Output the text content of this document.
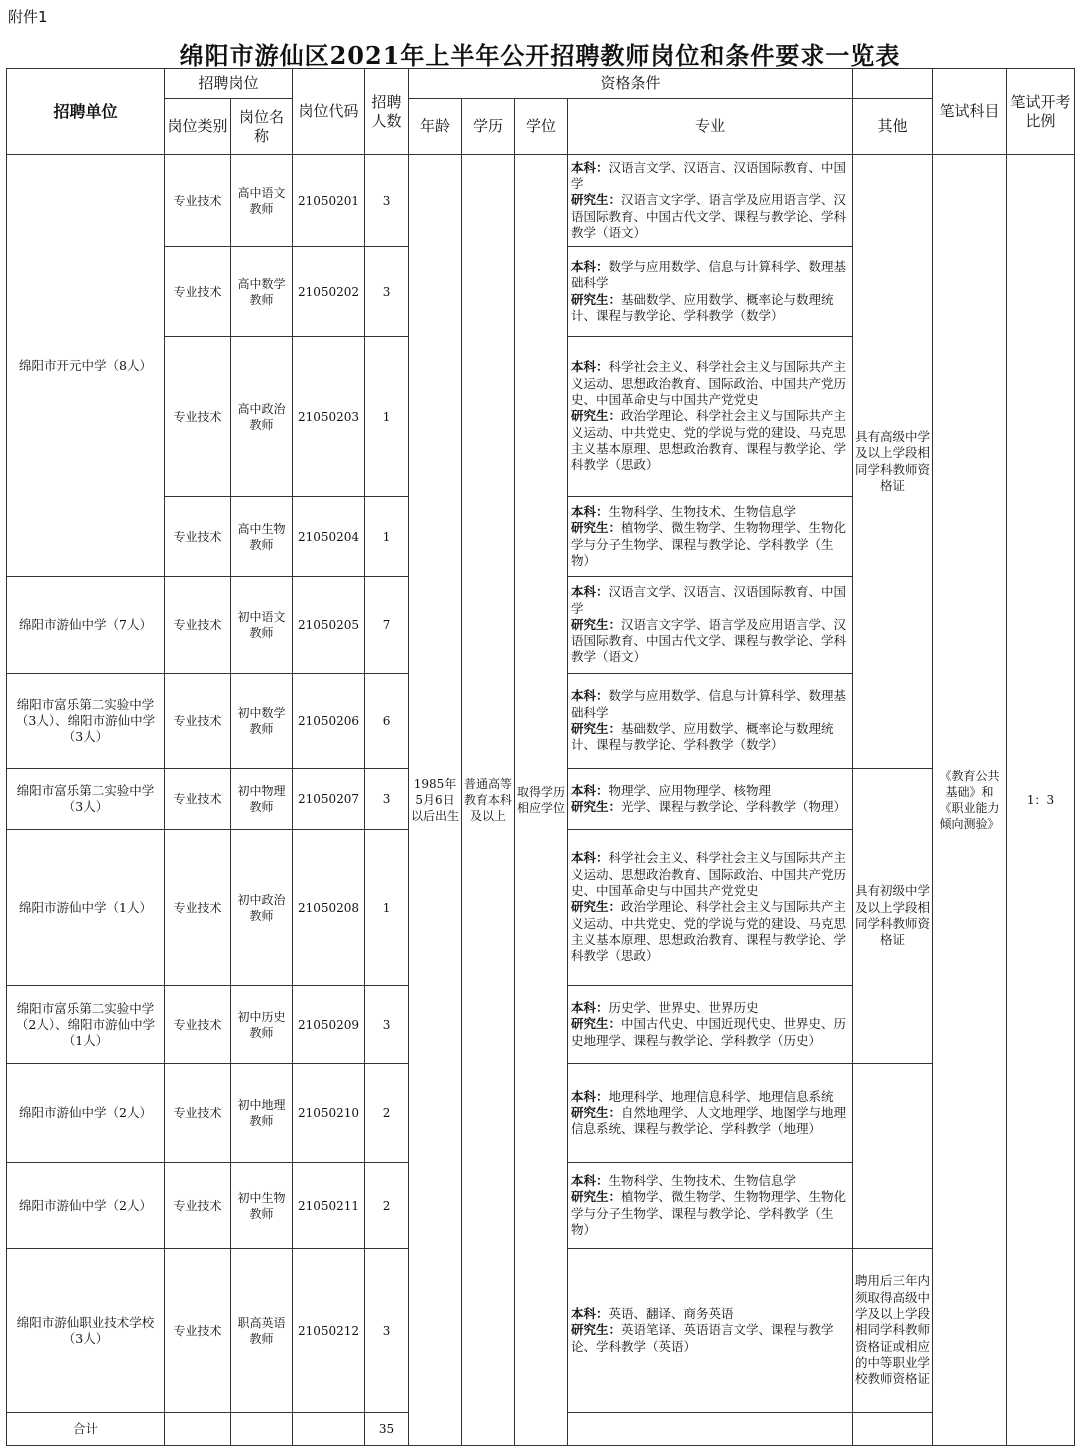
附件1
绵阳市游仙区2021年上半年公开招聘教师岗位和条件要求一览表
招聘单位	招聘岗位		岗位代码	招聘人数	资格条件					笔试科目	笔试开考比例
	岗位类别	岗位名称			年龄	学历	学位	专业	其他		

绵阳市开元中学（8人）	专业技术	高中语文教师	21050201	3	1985年5月6日以后出生	普通高等教育本科及以上	取得学历相应学位	本科：汉语言文学、汉语言、汉语国际教育、中国学
研究生：汉语言文字学、语言学及应用语言学、汉语国际教育、中国古代文学、课程与教学论、学科教学（语文）	具有高级中学及以上学段相同学科教师资格证	《教育公共基础》和《职业能力倾向测验》	1：3
	专业技术	高中数学教师	21050202	3				本科：数学与应用数学、信息与计算科学、数理基础科学
研究生：基础数学、应用数学、概率论与数理统计、课程与教学论、学科教学（数学）			

	专业技术	高中政治教师	21050203	1				本科：科学社会主义、科学社会主义与国际共产主义运动、思想政治教育、国际政治、中国共产党历史、中国革命史与中国共产党党史
研究生：政治学理论、科学社会主义与国际共产主义运动、中共党史、党的学说与党的建设、马克思主义基本原理、思想政治教育、课程与教学论、学科教学（思政）			

	专业技术	高中生物教师	21050204	1				本科：生物科学、生物技术、生物信息学
研究生：植物学、微生物学、生物物理学、生物化学与分子生物学、课程与教学论、学科教学（生物）			

绵阳市游仙中学（7人）	专业技术	初中语文教师	21050205	7				本科：汉语言文学、汉语言、汉语国际教育、中国学
研究生：汉语言文字学、语言学及应用语言学、汉语国际教育、中国古代文学、课程与教学论、学科教学（语文）			

绵阳市富乐第二实验中学（3人）、绵阳市游仙中学（3人）	专业技术	初中数学教师	21050206	6				本科：数学与应用数学、信息与计算科学、数理基础科学
研究生：基础数学、应用数学、概率论与数理统计、课程与教学论、学科教学（数学）			

绵阳市富乐第二实验中学（3人）	专业技术	初中物理教师	21050207	3				本科：物理学、应用物理学、核物理
研究生：光学、课程与教学论、学科教学（物理）	具有初级中学及以上学段相同学科教师资格证		
绵阳市游仙中学（1人）	专业技术	初中政治教师	21050208	1				本科：科学社会主义、科学社会主义与国际共产主义运动、思想政治教育、国际政治、中国共产党历史、中国革命史与中国共产党党史
研究生：政治学理论、科学社会主义与国际共产主义运动、中共党史、党的学说与党的建设、马克思主义基本原理、思想政治教育、课程与教学论、学科教学（思政）			

绵阳市富乐第二实验中学（2人）、绵阳市游仙中学（1人）	专业技术	初中历史教师	21050209	3				本科：历史学、世界史、世界历史
研究生：中国古代史、中国近现代史、世界史、历史地理学、课程与教学论、学科教学（历史）			

绵阳市游仙中学（2人）	专业技术	初中地理教师	21050210	2				本科：地理科学、地理信息科学、地理信息系统
研究生：自然地理学、人文地理学、地图学与地理信息系统、课程与教学论、学科教学（地理）			

绵阳市游仙中学（2人）	专业技术	初中生物教师	21050211	2				本科：生物科学、生物技术、生物信息学
研究生：植物学、微生物学、生物物理学、生物化学与分子生物学、课程与教学论、学科教学（生物）			

绵阳市游仙职业技术学校（3人）	专业技术	职高英语教师	21050212	3				本科：英语、翻译、商务英语
研究生：英语笔译、英语语言文学、课程与教学论、学科教学（英语）	聘用后三年内须取得高级中学及以上学段相同学科教师资格证或相应的中等职业学校教师资格证		
合计				35							
